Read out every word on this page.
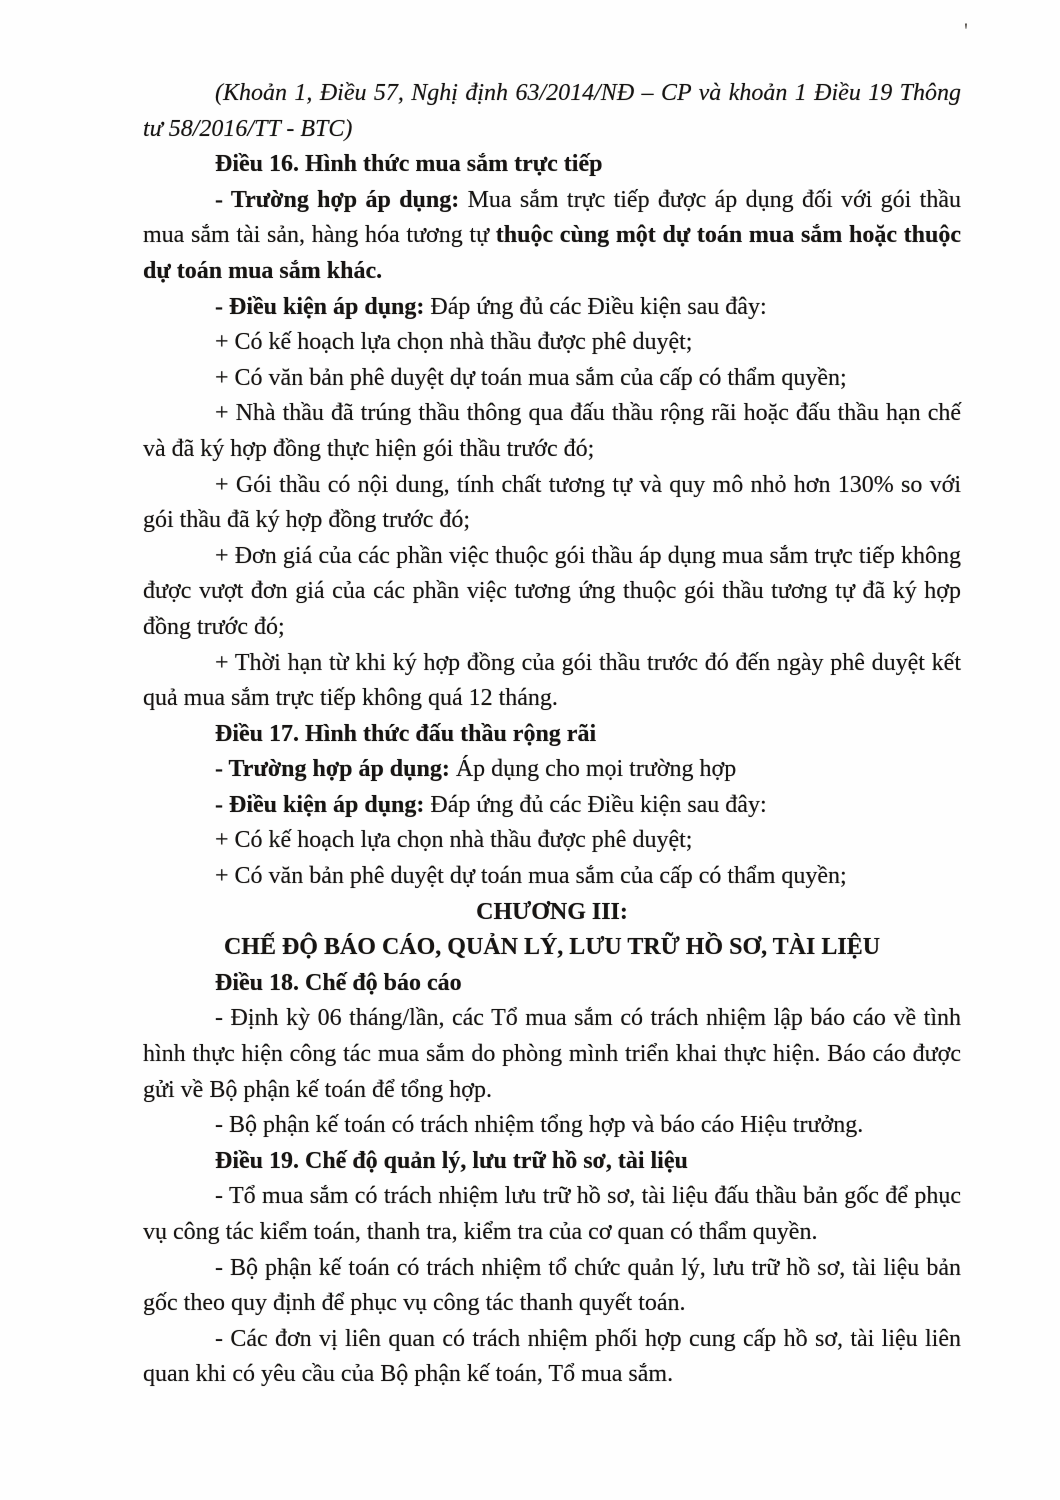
'

(Khoản 1, Điều 57, Nghị định 63/2014/NĐ – CP và khoản 1 Điều 19 Thông tư 58/2016/TT - BTC)

Điều 16. Hình thức mua sắm trực tiếp

- Trường hợp áp dụng: Mua sắm trực tiếp được áp dụng đối với gói thầu mua sắm tài sản, hàng hóa tương tự thuộc cùng một dự toán mua sắm hoặc thuộc dự toán mua sắm khác.

- Điều kiện áp dụng: Đáp ứng đủ các Điều kiện sau đây:

+ Có kế hoạch lựa chọn nhà thầu được phê duyệt;

+ Có văn bản phê duyệt dự toán mua sắm của cấp có thẩm quyền;

+ Nhà thầu đã trúng thầu thông qua đấu thầu rộng rãi hoặc đấu thầu hạn chế và đã ký hợp đồng thực hiện gói thầu trước đó;

+ Gói thầu có nội dung, tính chất tương tự và quy mô nhỏ hơn 130% so với gói thầu đã ký hợp đồng trước đó;

+ Đơn giá của các phần việc thuộc gói thầu áp dụng mua sắm trực tiếp không được vượt đơn giá của các phần việc tương ứng thuộc gói thầu tương tự đã ký hợp đồng trước đó;

+ Thời hạn từ khi ký hợp đồng của gói thầu trước đó đến ngày phê duyệt kết quả mua sắm trực tiếp không quá 12 tháng.

Điều 17. Hình thức đấu thầu rộng rãi

- Trường hợp áp dụng: Áp dụng cho mọi trường hợp

- Điều kiện áp dụng: Đáp ứng đủ các Điều kiện sau đây:

+ Có kế hoạch lựa chọn nhà thầu được phê duyệt;

+ Có văn bản phê duyệt dự toán mua sắm của cấp có thẩm quyền;

CHƯƠNG III:

CHẾ ĐỘ BÁO CÁO, QUẢN LÝ, LƯU TRỮ HỒ SƠ, TÀI LIỆU

Điều 18. Chế độ báo cáo

- Định kỳ 06 tháng/lần, các Tổ mua sắm có trách nhiệm lập báo cáo về tình hình thực hiện công tác mua sắm do phòng mình triển khai thực hiện. Báo cáo được gửi về Bộ phận kế toán để tổng hợp.

- Bộ phận kế toán có trách nhiệm tổng hợp và báo cáo Hiệu trưởng.

Điều 19. Chế độ quản lý, lưu trữ hồ sơ, tài liệu

- Tổ mua sắm có trách nhiệm lưu trữ hồ sơ, tài liệu đấu thầu bản gốc để phục vụ công tác kiểm toán, thanh tra, kiểm tra của cơ quan có thẩm quyền.

- Bộ phận kế toán có trách nhiệm tổ chức quản lý, lưu trữ hồ sơ, tài liệu bản gốc theo quy định để phục vụ công tác thanh quyết toán.

- Các đơn vị liên quan có trách nhiệm phối hợp cung cấp hồ sơ, tài liệu liên quan khi có yêu cầu của Bộ phận kế toán, Tổ mua sắm.
